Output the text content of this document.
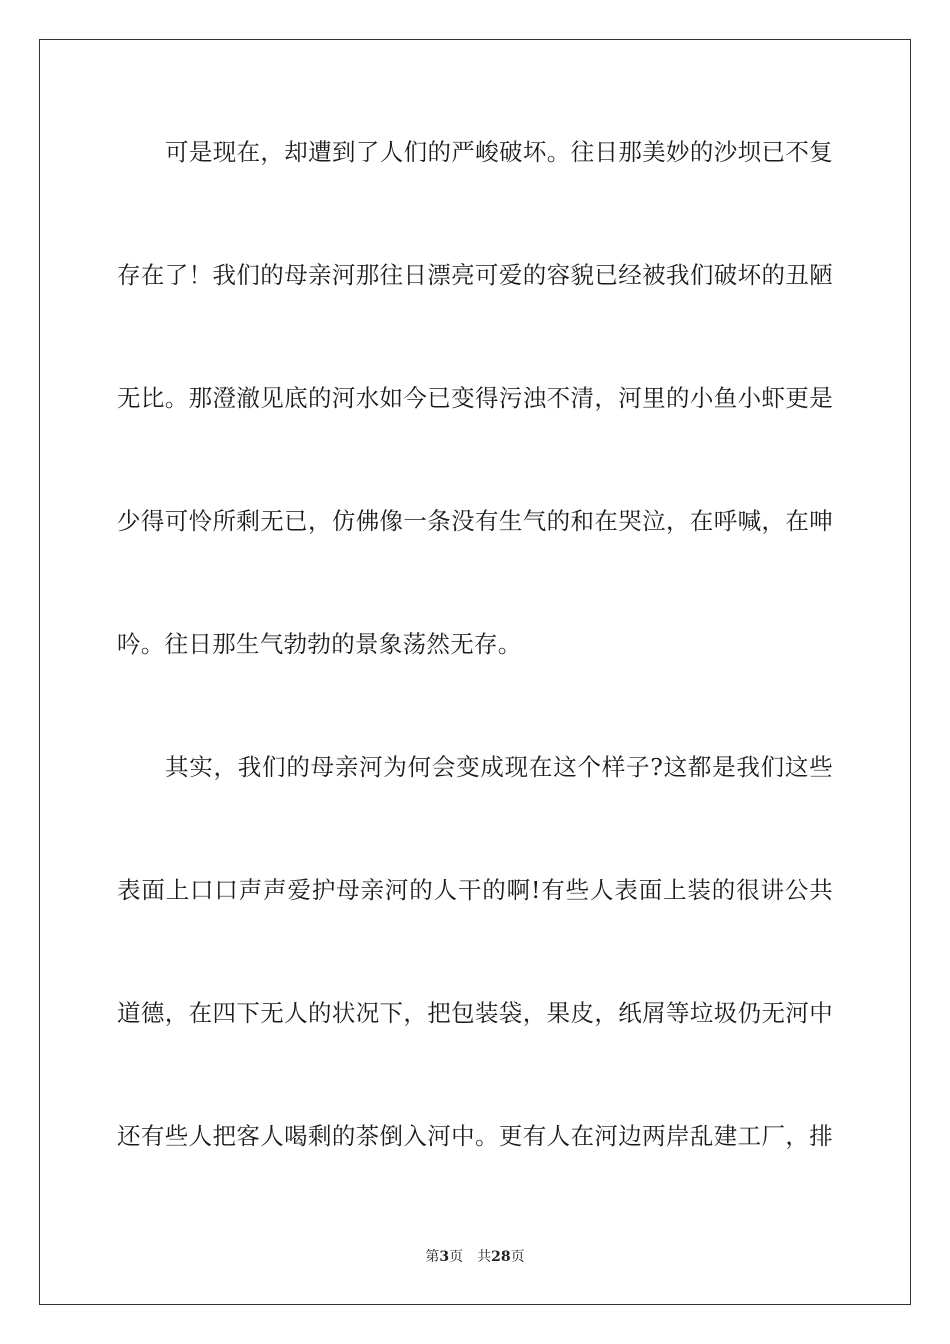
可是现在，却遭到了人们的严峻破坏。往日那美妙的沙坝已不复
存在了！我们的母亲河那往日漂亮可爱的容貌已经被我们破坏的丑陋
无比。那澄澈见底的河水如今已变得污浊不清，河里的小鱼小虾更是
少得可怜所剩无已，仿佛像一条没有生气的和在哭泣，在呼喊，在呻
吟。往日那生气勃勃的景象荡然无存。
其实，我们的母亲河为何会变成现在这个样子?这都是我们这些
表面上口口声声爱护母亲河的人干的啊!有些人表面上装的很讲公共
道德，在四下无人的状况下，把包装袋，果皮，纸屑等垃圾仍无河中
还有些人把客人喝剩的茶倒入河中。更有人在河边两岸乱建工厂，排
第3页 共28页
